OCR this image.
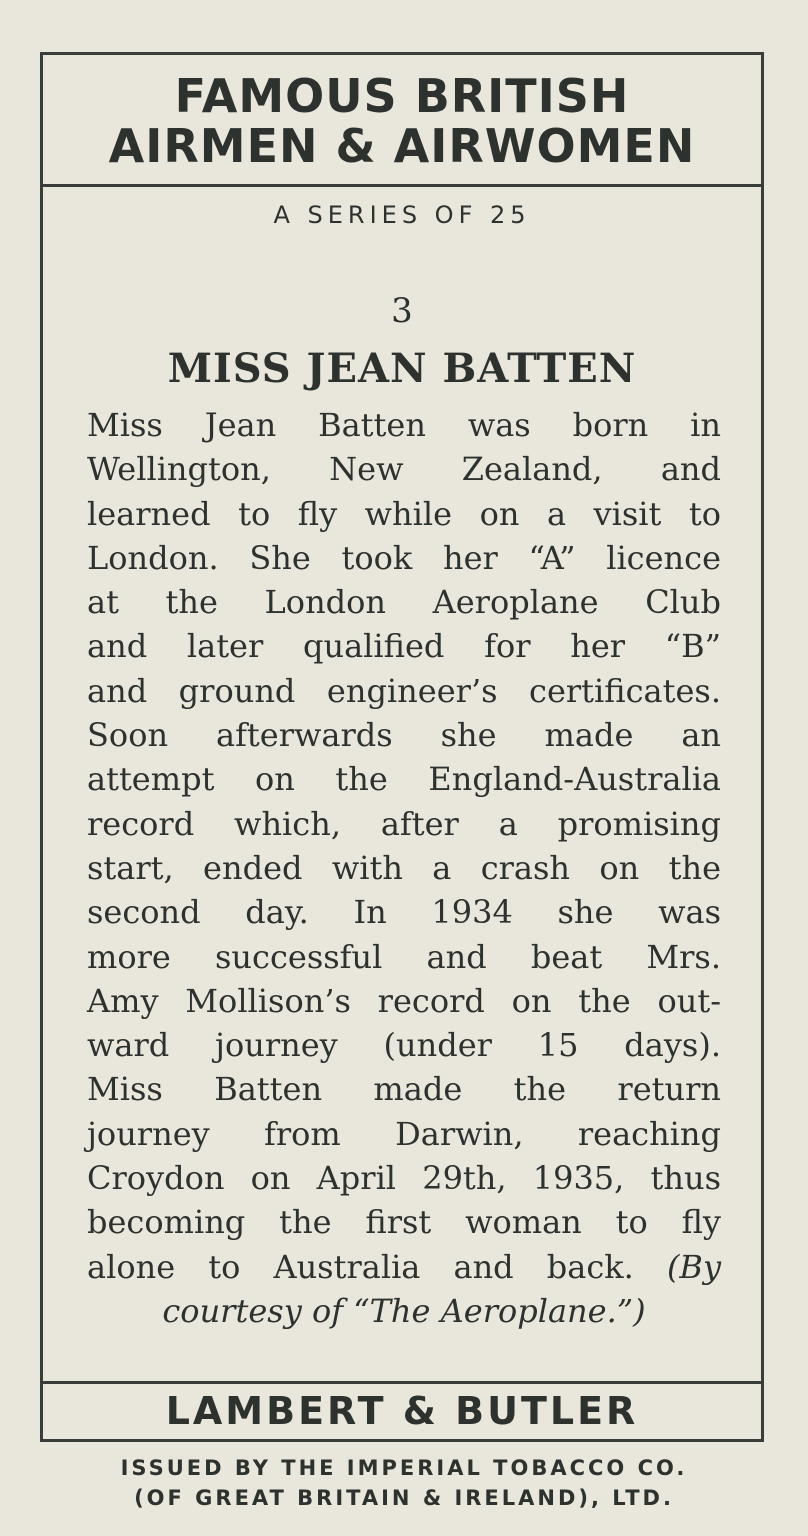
FAMOUS BRITISH
AIRMEN & AIRWOMEN
A SERIES OF 25
3
MISS JEAN BATTEN
Miss Jean Batten was born in
Wellington, New Zealand, and
learned to fly while on a visit to
London. She took her “A” licence
at the London Aeroplane Club
and later qualified for her “B”
and ground engineer’s certificates.
Soon afterwards she made an
attempt on the England-Australia
record which, after a promising
start, ended with a crash on the
second day. In 1934 she was
more successful and beat Mrs.
Amy Mollison’s record on the out-
ward journey (under 15 days).
Miss Batten made the return
journey from Darwin, reaching
Croydon on April 29th, 1935, thus
becoming the first woman to fly
alone to Australia and back. (By
courtesy of “The Aeroplane.”)
LAMBERT & BUTLER
ISSUED BY THE IMPERIAL TOBACCO CO.
(OF GREAT BRITAIN & IRELAND), LTD.
